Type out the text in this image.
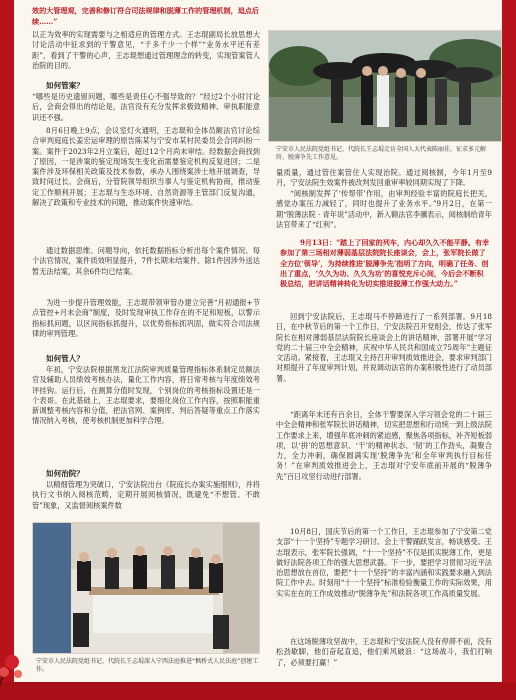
效的大管理观，完善和修订符合司法规律和脱薄工作的管理机制，追点后续……”
宁安市人民法院党组书记、代院长王志琨走访全国人大代表陈丽佳，征求多元解纷、脱薄争先工作意见。
以正为效率的实现需要与之相适应的管理方式。王志琨副局长放思想大讨论活动中征求到的干警意见，“千多千少一个样”“业务水平还有差距”，看到了干警的心声，王志琨想通过管理理念的转变，实现管案管人治院的目的。
如何管案？
“哪些是历史遗留问题，哪些是责任心不强导致的？”经过2个小时讨论后，会商会得出的结论是，法官没有充分发挥求极致精神、审执职能意识还不强。
8月6日晚上9点，会议室灯火通明，王志琨和全体员额法官讨论综合审判庭庭长姜宏运审理的原告陈某与宁安市某村民委员会合同纠纷一案。案件于2023年2月立案后，超过12个月尚未审结。经数据会商找到了原因，一是涉案的鉴定现场发生变化而需要鉴定机构反复进回；二是案件涉及环保相关政策及技术参数，承办人围绕案涉土地开展调查，导致时间过长。会商后，分管院领导组织当事人与鉴定机构协商，推动鉴定工作顺利开展；王志琨与生态环境、自然资源等主管部门反复沟通，解决了政策和专业技术的问题，推动案件快速审结。
通过数据思维、问题导向，依托数据指标分析出每个案件情况、每个法官情况，案件质效明显提升，7件长期未结案件、除1件因涉外送达暂无法结案，其余6件均已结案。
为进一步提升管理效能，王志琨带领审管办建立完善“月初通报+节点管控+月末会商”制度，及时发现审执工作存在的不足和短板，以警示指标抓问题，以区间指标抓提升，以优势指标抓巩固，做实符合司法规律的审判管理。
如何管人？
年初，宁安法院根据黑龙江法院审判质量管理指标体系制定员额法官及辅助人员绩效考核办法，量化工作内容，将日常考核与年度绩效考评挂钩。运行后，在测算分值时发现，个别岗位的考核指标设置还是一个表哥。在此基础上，王志琨要求，要细化岗位工作内容，按照职能重新调整考核内容和分值，把法官网、案例库、判后答疑等重点工作落实情况纳入考核，使考核机制更加科学合理。
如何治院？
以精细管理为突破口，宁安法院出台《院庭长办案实施细则》，并将执行文书纳入阅核范畴，定期开展阅核情况，既避免“不想管、不敢管”现象，又监督阅核案件数
宁安市人民法院党组书记、代院长王志琨深入宁西法庭推进“枫桥式人民法庭”创建工作。
量质量，通过管住案管住人实现治院。通过阅核制，今年1月至9月，宁安法院生效案件被改判发回重审率较同期实现了下降。
“阅核制发挥了‘传帮带’作用，由审判经验丰富的院庭长把关，感觉办案压力减轻了，同时也提升了业务水平。”9月2日，在第一期“脱薄法院 · 青年说”活动中，新入额法官李骥表示，阅核制给青年法官带来了“红利”。
9月13日：“踏上了回家的列车，内心却久久不能平静。有幸参加了第三场相对薄弱基层法院院长座谈会，会上，张军院长做了全方位‘领导’，为持续推进‘脱薄争先’指明了方向，明确了任务、创出了重点，‘久久为功、久久为功’的喜悦充斥心间，今后会不断积极总结，把讲话精神转化为切实推进脱薄工作强大动力。”
回到宁安法院后，王志琨马不停蹄进行了一系列部署。9月18日，在中秋节后的第一个工作日，宁安法院召开党组会，传达了张军院长在相对薄弱基层法院院长座谈会上的讲话精神，部署开展“学习党的二十届三中全会精神，庆祝中华人民共和国成立75周年”主题征文活动。紧接着，王志琨又主持召开审判质效推进会，要求审判部门对照提升了年度审判计划，并说调动法官的办案积极性进行了动员部署。
“距离年末还有百余日，全体干警要深入学习领会党的二十届三中全会精神和张军院长讲话精神，切实把思想和行动统一到上级法院工作要求上来，增强年底冲刺的紧迫感，聚焦各项指标，补齐短板弱项，以‘拼’的思想意识、‘干’的精神状态、‘韧’的工作劲头，凝聚合力，全力冲刺，确保圆满实现‘脱薄争先’和全年审判执行目标任务！”在审判质效推进会上，王志琨对宁安年底前开展的“脱薄争先”百日攻坚行动进行部署。
10月8日，国庆节后的第一个工作日，王志琨参加了宁安第二党支部“十一个坚持”专题学习研讨。会上干警踊跃发言，畅谈感受。王志琨表示，张军院长强调，“十一个坚持”不仅是抓实脱薄工作，更是做好法院各项工作的强大思想武器。下一步，要把学习贯彻习近平法治思想放在首位，要把“十一个坚持”的丰富内涵和实践要求融入到法院工作中去。时刻用“十一个坚持”标准检验衡量工作的实际效果，用实实在在的工作成效推动“脱薄争先”和法院各项工作高质量发展。
在这场脱薄攻坚战中，王志琨和宁安法院人没有停滞不前，没有松劲歇脚，他们奋起直追，他们乘风破浪：“这场战斗，我们打响了，必须要打赢！”
